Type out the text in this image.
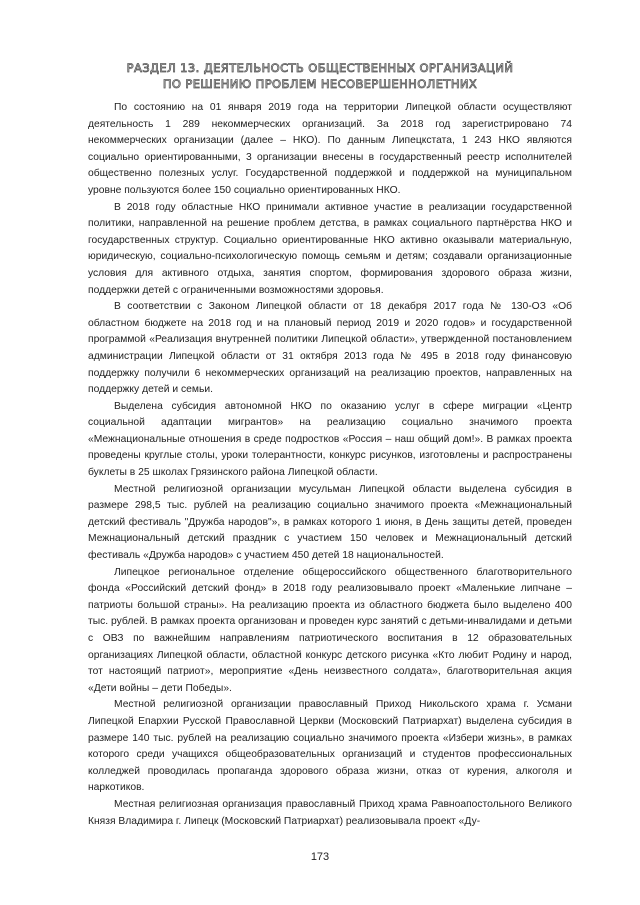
РАЗДЕЛ 13. ДЕЯТЕЛЬНОСТЬ ОБЩЕСТВЕННЫХ ОРГАНИЗАЦИЙ
ПО РЕШЕНИЮ ПРОБЛЕМ НЕСОВЕРШЕННОЛЕТНИХ

По состоянию на 01 января 2019 года на территории Липецкой области осуществляют деятельность 1 289 некоммерческих организаций. За 2018 год зарегистрировано 74 некоммерческих организации (далее – НКО). По данным Липецкстата, 1 243 НКО являются социально ориентированными, 3 организации внесены в государственный реестр исполнителей общественно полезных услуг. Государственной поддержкой и поддержкой на муниципальном уровне пользуются более 150 социально ориентированных НКО.

В 2018 году областные НКО принимали активное участие в реализации государственной политики, направленной на решение проблем детства, в рамках социального партнёрства НКО и государственных структур. Социально ориентированные НКО активно оказывали материальную, юридическую, социально-психологическую помощь семьям и детям; создавали организационные условия для активного отдыха, занятия спортом, формирования здорового образа жизни, поддержки детей с ограниченными возможностями здоровья.

В соответствии с Законом Липецкой области от 18 декабря 2017 года № 130-ОЗ «Об областном бюджете на 2018 год и на плановый период 2019 и 2020 годов» и государственной программой «Реализация внутренней политики Липецкой области», утвержденной постановлением администрации Липецкой области от 31 октября 2013 года № 495 в 2018 году финансовую поддержку получили 6 некоммерческих организаций на реализацию проектов, направленных на поддержку детей и семьи.

Выделена субсидия автономной НКО по оказанию услуг в сфере миграции «Центр социальной адаптации мигрантов» на реализацию социально значимого проекта «Межнациональные отношения в среде подростков «Россия – наш общий дом!». В рамках проекта проведены круглые столы, уроки толерантности, конкурс рисунков, изготовлены и распространены буклеты в 25 школах Грязинского района Липецкой области.

Местной религиозной организации мусульман Липецкой области выделена субсидия в размере 298,5 тыс. рублей на реализацию социально значимого проекта «Межнациональный детский фестиваль "Дружба народов"», в рамках которого 1 июня, в День защиты детей, проведен Межнациональный детский праздник с участием 150 человек и Межнациональный детский фестиваль «Дружба народов» с участием 450 детей 18 национальностей.

Липецкое региональное отделение общероссийского общественного благотворительного фонда «Российский детский фонд» в 2018 году реализовывало проект «Маленькие липчане – патриоты большой страны». На реализацию проекта из областного бюджета было выделено 400 тыс. рублей. В рамках проекта организован и проведен курс занятий с детьми-инвалидами и детьми с ОВЗ по важнейшим направлениям патриотического воспитания в 12 образовательных организациях Липецкой области, областной конкурс детского рисунка «Кто любит Родину и народ, тот настоящий патриот», мероприятие «День неизвестного солдата», благотворительная акция «Дети войны – дети Победы».

Местной религиозной организации православный Приход Никольского храма г. Усмани Липецкой Епархии Русской Православной Церкви (Московский Патриархат) выделена субсидия в размере 140 тыс. рублей на реализацию социально значимого проекта «Избери жизнь», в рамках которого среди учащихся общеобразовательных организаций и студентов профессиональных колледжей проводилась пропаганда здорового образа жизни, отказ от курения, алкоголя и наркотиков.

Местная религиозная организация православный Приход храма Равноапостольного Великого Князя Владимира г. Липецк (Московский Патриархат) реализовывала проект «Ду-

173
